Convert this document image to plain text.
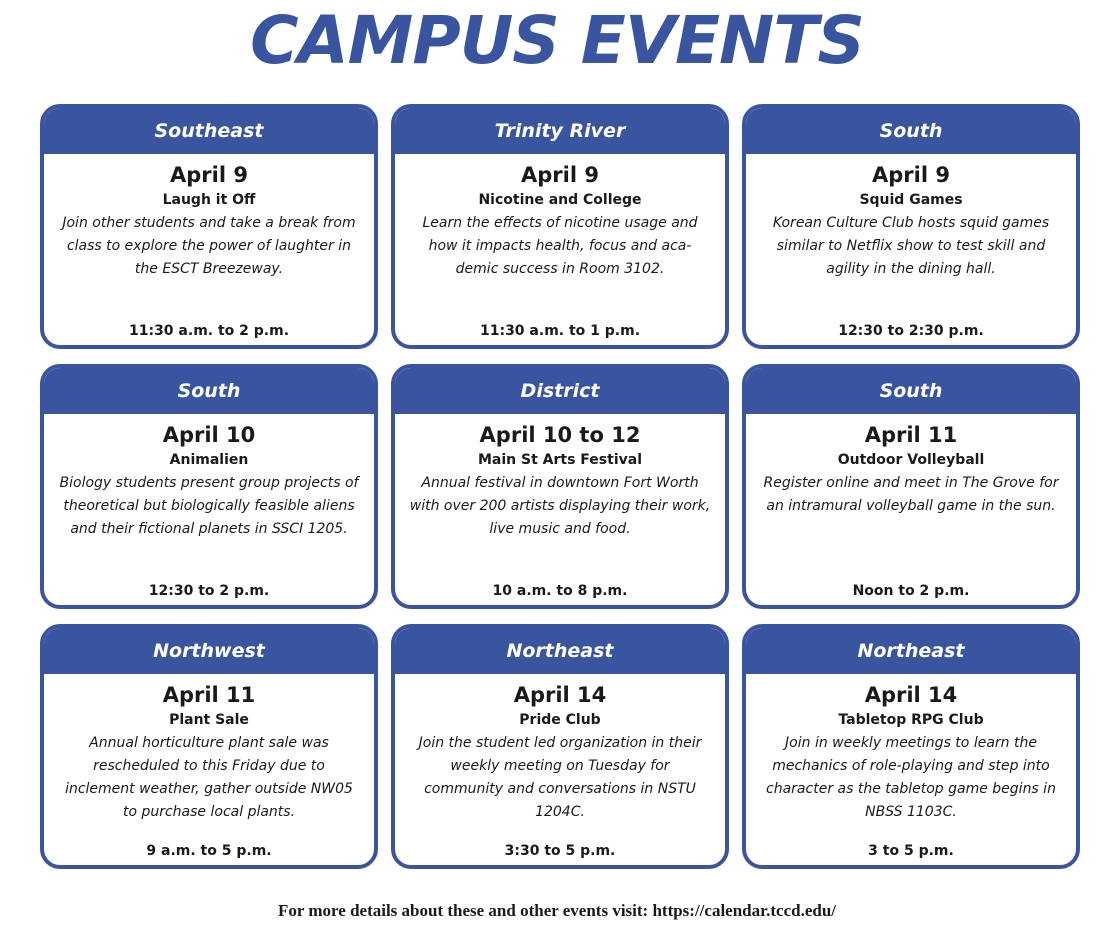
CAMPUS EVENTS
Southeast
April 9
Laugh it Off
Join other students and take a break from class to explore the power of laughter in the ESCT Breezeway.
11:30 a.m. to 2 p.m.
Trinity River
April 9
Nicotine and College
Learn the effects of nicotine usage and how it impacts health, focus and aca-demic success in Room 3102.
11:30 a.m. to 1 p.m.
South
April 9
Squid Games
Korean Culture Club hosts squid games similar to Netflix show to test skill and agility in the dining hall.
12:30 to 2:30 p.m.
South
April 10
Animalien
Biology students present group projects of theoretical but biologically feasible aliens and their fictional planets in SSCI 1205.
12:30 to 2 p.m.
District
April 10 to 12
Main St Arts Festival
Annual festival in downtown Fort Worth with over 200 artists displaying their work, live music and food.
10 a.m. to 8 p.m.
South
April 11
Outdoor Volleyball
Register online and meet in The Grove for an intramural volleyball game in the sun.
Noon to 2 p.m.
Northwest
April 11
Plant Sale
Annual horticulture plant sale was rescheduled to this Friday due to inclement weather, gather outside NW05 to purchase local plants.
9 a.m. to 5 p.m.
Northeast
April 14
Pride Club
Join the student led organization in their weekly meeting on Tuesday for community and conversations in NSTU 1204C.
3:30 to 5 p.m.
Northeast
April 14
Tabletop RPG Club
Join in weekly meetings to learn the mechanics of role-playing and step into character as the tabletop game begins in NBSS 1103C.
3 to 5 p.m.
For more details about these and other events visit: https://calendar.tccd.edu/
